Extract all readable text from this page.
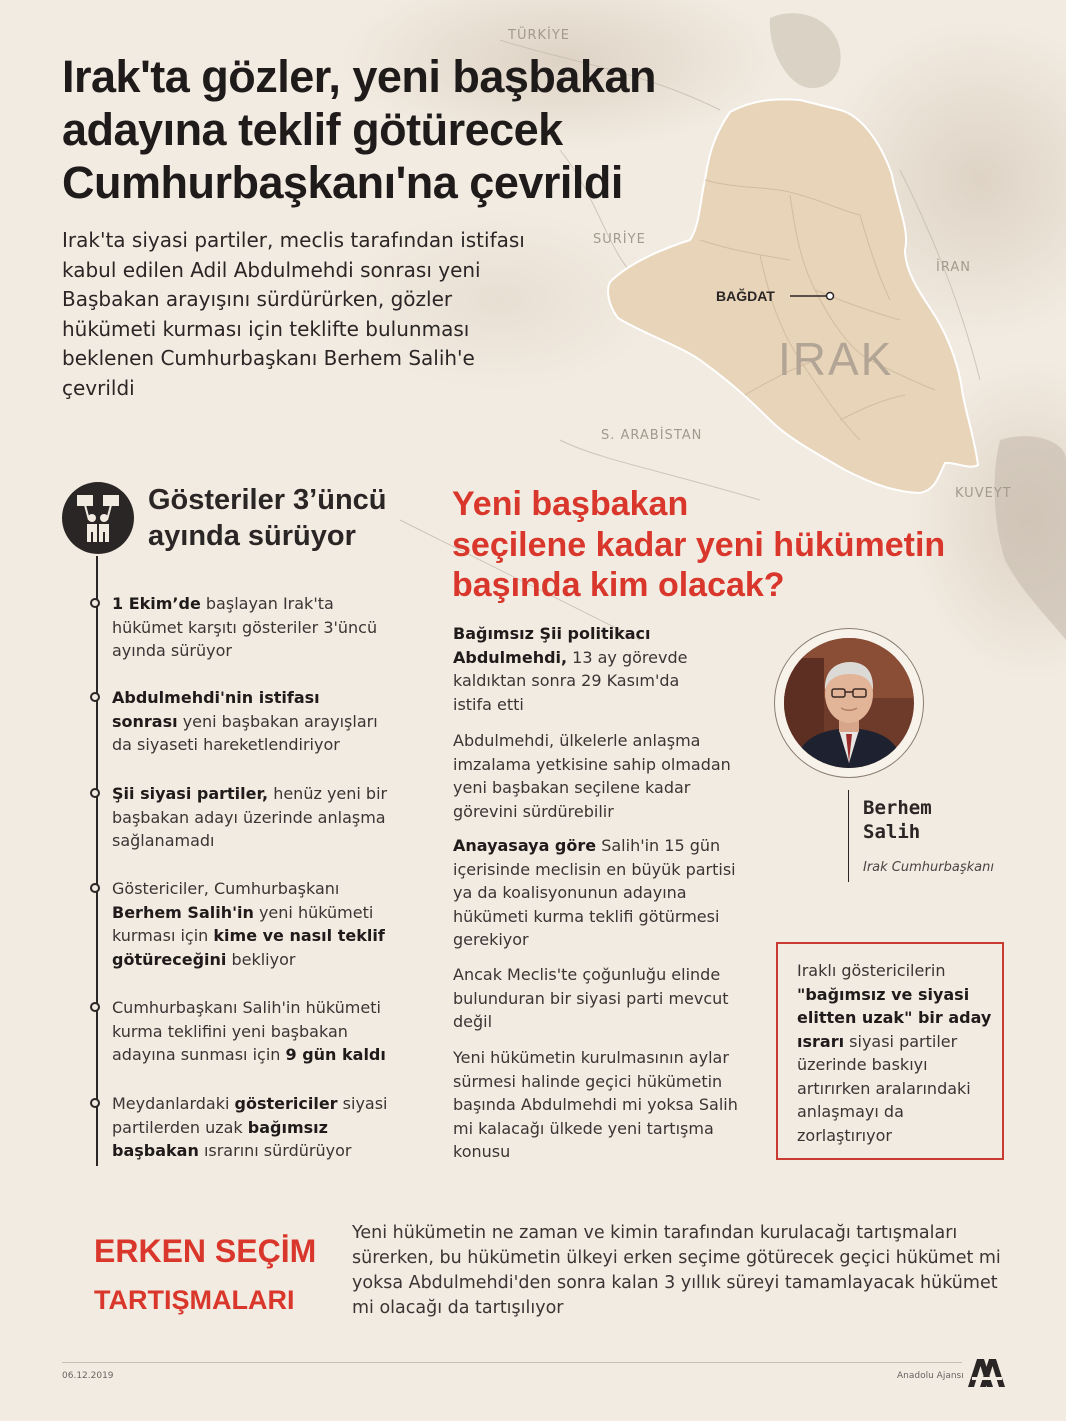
TÜRKİYE
SURİYE
İRAN
S. ARABİSTAN
KUVEYT
IRAK
BAĞDAT
Irak'ta gözler, yeni başbakan
adayına teklif götürecek
Cumhurbaşkanı'na çevrildi

Irak'ta siyasi partiler, meclis tarafından istifası kabul edilen Adil Abdulmehdi sonrası yeni Başbakan arayışını sürdürürken, gözler hükümeti kurması için teklifte bulunması beklenen Cumhurbaşkanı Berhem Salih'e çevrildi

Gösteriler 3’üncü
ayında sürüyor
1 Ekim’de başlayan Irak'ta hükümet karşıtı gösteriler 3'üncü ayında sürüyor
Abdulmehdi'nin istifası sonrası yeni başbakan arayışları da siyaseti hareketlendiriyor
Şii siyasi partiler, henüz yeni bir başbakan adayı üzerinde anlaşma sağlanamadı
Göstericiler, Cumhurbaşkanı Berhem Salih'in yeni hükümeti kurması için kime ve nasıl teklif götüreceğini bekliyor
Cumhurbaşkanı Salih'in hükümeti kurma teklifini yeni başbakan adayına sunması için 9 gün kaldı
Meydanlardaki göstericiler siyasi partilerden uzak bağımsız başbakan ısrarını sürdürüyor
Yeni başbakan
seçilene kadar yeni hükümetin
başında kim olacak?
Bağımsız Şii politikacı Abdulmehdi, 13 ay görevde kaldıktan sonra 29 Kasım'da istifa etti
Abdulmehdi, ülkelerle anlaşma imzalama yetkisine sahip olmadan yeni başbakan seçilene kadar görevini sürdürebilir
Anayasaya göre Salih'in 15 gün içerisinde meclisin en büyük partisi ya da koalisyonunun adayına hükümeti kurma teklifi götürmesi gerekiyor
Ancak Meclis'te çoğunluğu elinde bulunduran bir siyasi parti mevcut değil
Yeni hükümetin kurulmasının aylar sürmesi halinde geçici hükümetin başında Abdulmehdi mi yoksa Salih mi kalacağı ülkede yeni tartışma konusu
Berhem
Salih
Irak Cumhurbaşkanı
Iraklı göstericilerin "bağımsız ve siyasi elitten uzak" bir aday ısrarı siyasi partiler üzerinde baskıyı artırırken aralarındaki anlaşmayı da zorlaştırıyor
ERKEN SEÇİM
TARTIŞMALARI
Yeni hükümetin ne zaman ve kimin tarafından kurulacağı tartışmaları sürerken, bu hükümetin ülkeyi erken seçime götürecek geçici hükümet mi yoksa Abdulmehdi'den sonra kalan 3 yıllık süreyi tamamlayacak hükümet mi olacağı da tartışılıyor
06.12.2019	Anadolu Ajansı
